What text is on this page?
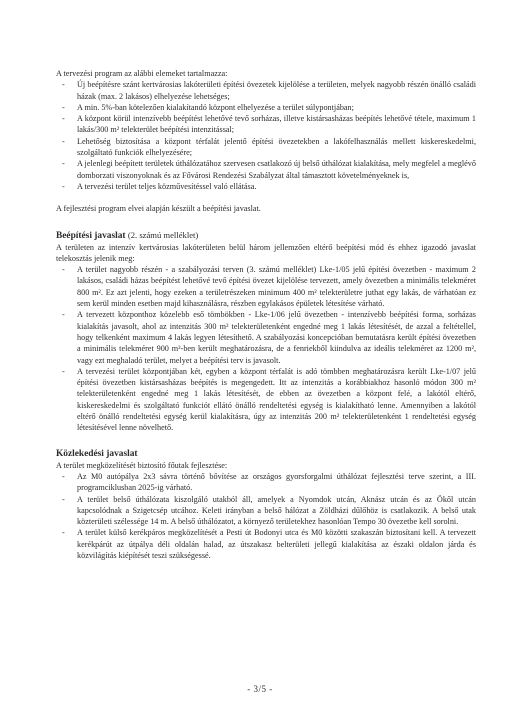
A tervezési program az alábbi elemeket tartalmazza:

- Új beépítésre szánt kertvárosias lakóterületi építési övezetek kijelölése a területen, melyek nagyobb részén önálló családi házak (max. 2 lakásos) elhelyezése lehetséges;
- A min. 5%-ban kötelezően kialakítandó központ elhelyezése a terület súlypontjában;
- A központ körül intenzívebb beépítést lehetővé tevő sorházas, illetve kistársasházas beépítés lehetővé tétele, maximum 1 lakás/300 m² telekterület beépítési intenzitással;
- Lehetőség biztosítása a központ térfalát jelentő építési övezetekben a lakófelhasználás mellett kiskereskedelmi, szolgáltató funkciók elhelyezésére;
- A jelenlegi beépített területek úthálózatához szervesen csatlakozó új belső úthálózat kialakítása, mely megfelel a meglévő domborzati viszonyoknak és az Fővárosi Rendezési Szabályzat által támasztott követelményeknek is,
- A tervezési terület teljes közművesítéssel való ellátása.

A fejlesztési program elvei alapján készült a beépítési javaslat.

Beépítési javaslat (2. számú melléklet)

A területen az intenzív kertvárosias lakóterületen belül három jellemzően eltérő beépítési mód és ehhez igazodó javaslat telekosztás jelenik meg:

- A terület nagyobb részén - a szabályozási terven (3. számú melléklet) Lke-1/05 jelű építési övezetben - maximum 2 lakásos, családi házas beépítést lehetővé tevő építési övezet kijelölése tervezett, amely övezetben a minimális telekméret 800 m². Ez azt jelenti, hogy ezeken a területrészeken minimum 400 m² telekterületre juthat egy lakás, de várhatóan ez sem kerül minden esetben majd kihasználásra, részben egylakásos épületek létesítése várható.
- A tervezett központhoz közelebb eső tömbökben - Lke-1/06 jelű övezetben - intenzívebb beépítési forma, sorházas kialakítás javasolt, ahol az intenzitás 300 m² telekterületenként engedné meg 1 lakás létesítését, de azzal a feltétellel, hogy telkenként maximum 4 lakás legyen létesíthető. A szabályozási koncepcióban bemutatásra került építési övezetben a minimális telekméret 900 m²-ben került meghatározásra, de a fenriekből kiindulva az ideális telekméret az 1200 m², vagy ezt meghaladó terület, melyet a beépítési terv is javasolt.
- A tervezési terület központjában két, egyben a központ térfalát is adó tömbben meghatározásra került Lke-1/07 jelű építési övezetben kistársasházas beépítés is megengedett. Itt az intenzitás a korábbiakhoz hasonló módon 300 m² telekterületenként engedné meg 1 lakás létesítését, de ebben az övezetben a központ felé, a lakótól eltérő, kiskereskedelmi és szolgáltató funkciót ellátó önálló rendeltetési egység is kialakítható lenne. Amennyiben a lakótól eltérő önálló rendeltetési egység kerül kialakításra, úgy az intenzitás 200 m² telekterületenként 1 rendeltetési egység létesítésével lenne növelhető.
Közlekedési javaslat

A terület megközelítését biztosító főutak fejlesztése:

- Az M0 autópálya 2x3 sávra történő bővítése az országos gyorsforgalmi úthálózat fejlesztési terve szerint, a III. programciklusban 2025-ig várható.
- A terület belső úthálózata kiszolgáló utakból áll, amelyek a Nyomdok utcán, Aknász utcán és az Ökől utcán kapcsolódnak a Szigetcsép utcához. Keleti irányban a belső hálózat a Zöldházi dűlőhöz is csatlakozik. A belső utak közterületi szélessége 14 m. A belső úthálózatot, a környező területekhez hasonlóan Tempo 30 övezetbe kell sorolni.
- A terület külső kerékpáros megközelítését a Pesti út Bodonyi utca és M0 közötti szakaszán biztosítani kell. A tervezett kerékpárút az útpálya déli oldalán halad, az útszakasz belterületi jellegű kialakítása az északi oldalon járda és közvilágítás kiépítését teszi szükségessé.
- 3/5 -
